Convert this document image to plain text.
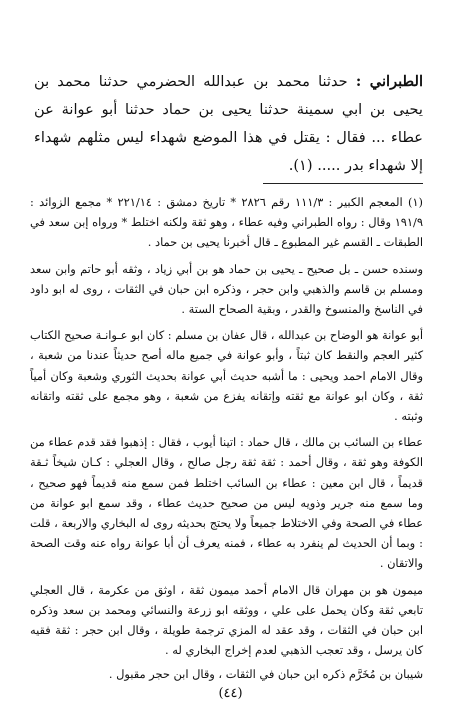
الطبراني : حدثنا محمد بن عبدالله الحضرمي حدثنا محمد بن يحيى بن ابي سمينة حدثنا يحيى بن حماد حدثنا أبو عوانة عن عطاء ... فقال : يقتل في هذا الموضع شهداء ليس مثلهم شهداء إلا شهداء بدر ..... (١).

(١) المعجم الكبير : ١١١/٣ رقم ٢٨٢٦ * تاريخ دمشق : ٢٢١/١٤ * مجمع الزوائد : ١٩١/٩ وقال : رواه الطبراني وفيه عطاء ، وهو ثقة ولكنه اختلط * ورواه إبن سعد في الطبقات ـ القسم غير المطبوع ـ قال أخبرنا يحيى بن حماد .

وسنده حسن ـ بل صحيح ـ يحيى بن حماد هو بن أبي زياد ، وثقه أبو حاتم وابن سعد ومسلم بن قاسم والذهبي وابن حجر ، وذكره ابن حبان في الثقات ، روى له ابو داود في الناسخ والمنسوخ والقدر ، وبقية الصحاح الستة .

أبو عوانة هو الوضاح بن عبدالله ، قال عفان بن مسلم : كان ابو عـوانـة صحيح الكتاب كثير العجم والنقط كان ثبتاً ، وأبو عوانة في جميع ماله أصح حديثاً عندنا من شعبة ، وقال الامام احمد ويحيى : ما أشبه حديث أبي عوانة بحديث الثوري وشعبة وكان أمياً ثقة ، وكان ابو عوانة مع ثقته وإتقانه يفزع من شعبة ، وهو مجمع على ثقته واتقانه وثبته .

عطاء بن السائب بن مالك ، قال حماد : اتينا أيوب ، فقال : إذهبوا فقد قدم عطاء من الكوفة وهو ثقة ، وقال أحمد : ثقة ثقة رجل صالح ، وقال العجلي : كـان شيخاً ثـقة قديماً ، قال ابن معين : عطاء بن السائب اختلط فمن سمع منه قديماً فهو صحيح ، وما سمع منه جرير وذويه ليس من صحيح حديث عطاء ، وقد سمع ابو عوانة من عطاء في الصحة وفي الاختلاط جميعاً ولا يحتج بحديثه روى له البخاري والاربعة ، قلت : وبما أن الحديث لم ينفرد به عطاء ، فمنه يعرف أن أبا عوانة رواه عنه وقت الصحة والاتقان .

ميمون هو بن مهران قال الامام أحمد ميمون ثقة ، اوثق من عكرمة ، قال العجلي تابعي ثقة وكان يحمل على علي ، ووثقه ابو زرعة والنسائي ومحمد بن سعد وذكره ابن حبان في الثقات ، وقد عقد له المزي ترجمة طويلة ، وقال ابن حجر : ثقة فقيه كان يرسل ، وقد تعجب الذهبي لعدم إخراج البخاري له .

شيبان بن مُخَرَّم ذكره ابن حبان في الثقات ، وقال ابن حجر مقبول .

(٤٤)
